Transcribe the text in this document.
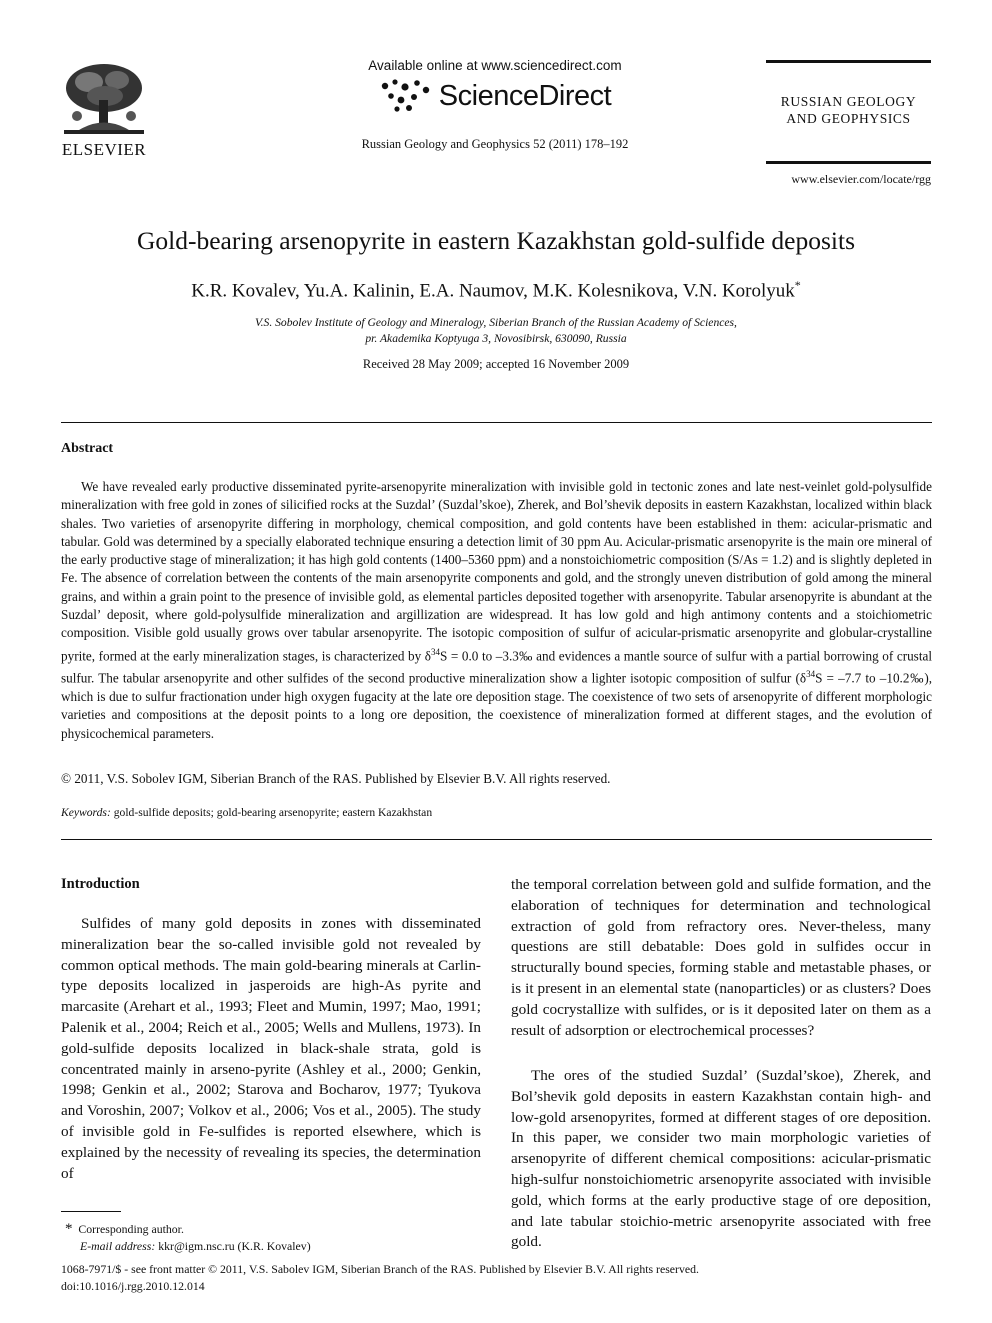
ELSEVIER
Available online at www.sciencedirect.com
ScienceDirect
Russian Geology and Geophysics 52 (2011) 178–192
RUSSIAN GEOLOGY
AND GEOPHYSICS
www.elsevier.com/locate/rgg
Gold-bearing arsenopyrite in eastern Kazakhstan gold-sulfide deposits
K.R. Kovalev, Yu.A. Kalinin, E.A. Naumov, M.K. Kolesnikova, V.N. Korolyuk*
V.S. Sobolev Institute of Geology and Mineralogy, Siberian Branch of the Russian Academy of Sciences,
pr. Akademika Koptyuga 3, Novosibirsk, 630090, Russia
Received 28 May 2009; accepted 16 November 2009
Abstract
We have revealed early productive disseminated pyrite-arsenopyrite mineralization with invisible gold in tectonic zones and late nest-veinlet gold-polysulfide mineralization with free gold in zones of silicified rocks at the Suzdal’ (Suzdal’skoe), Zherek, and Bol’shevik deposits in eastern Kazakhstan, localized within black shales. Two varieties of arsenopyrite differing in morphology, chemical composition, and gold contents have been established in them: acicular-prismatic and tabular. Gold was determined by a specially elaborated technique ensuring a detection limit of 30 ppm Au. Acicular-prismatic arsenopyrite is the main ore mineral of the early productive stage of mineralization; it has high gold contents (1400–5360 ppm) and a nonstoichiometric composition (S/As = 1.2) and is slightly depleted in Fe. The absence of correlation between the contents of the main arsenopyrite components and gold, and the strongly uneven distribution of gold among the mineral grains, and within a grain point to the presence of invisible gold, as elemental particles deposited together with arsenopyrite. Tabular arsenopyrite is abundant at the Suzdal’ deposit, where gold-polysulfide mineralization and argillization are widespread. It has low gold and high antimony contents and a stoichiometric composition. Visible gold usually grows over tabular arsenopyrite. The isotopic composition of sulfur of acicular-prismatic arsenopyrite and globular-crystalline pyrite, formed at the early mineralization stages, is characterized by $\delta^{34}S = 0.0$ to –3.3‰ and evidences a mantle source of sulfur with a partial borrowing of crustal sulfur. The tabular arsenopyrite and other sulfides of the second productive mineralization show a lighter isotopic composition of sulfur ($\delta^{34}S = -7.7$ to –10.2‰), which is due to sulfur fractionation under high oxygen fugacity at the late ore deposition stage. The coexistence of two sets of arsenopyrite of different morphologic varieties and compositions at the deposit points to a long ore deposition, the coexistence of mineralization formed at different stages, and the evolution of physicochemical parameters.
© 2011, V.S. Sobolev IGM, Siberian Branch of the RAS. Published by Elsevier B.V. All rights reserved.
Keywords: gold-sulfide deposits; gold-bearing arsenopyrite; eastern Kazakhstan
Introduction
Sulfides of many gold deposits in zones with disseminated mineralization bear the so-called invisible gold not revealed by common optical methods. The main gold-bearing minerals at Carlin-type deposits localized in jasperoids are high-As pyrite and marcasite (Arehart et al., 1993; Fleet and Mumin, 1997; Mao, 1991; Palenik et al., 2004; Reich et al., 2005; Wells and Mullens, 1973). In gold-sulfide deposits localized in black-shale strata, gold is concentrated mainly in arseno-pyrite (Ashley et al., 2000; Genkin, 1998; Genkin et al., 2002; Starova and Bocharov, 1977; Tyukova and Voroshin, 2007; Volkov et al., 2006; Vos et al., 2005). The study of invisible gold in Fe-sulfides is reported elsewhere, which is explained by the necessity of revealing its species, the determination of
the temporal correlation between gold and sulfide formation, and the elaboration of techniques for determination and technological extraction of gold from refractory ores. Never-theless, many questions are still debatable: Does gold in sulfides occur in structurally bound species, forming stable and metastable phases, or is it present in an elemental state (nanoparticles) or as clusters? Does gold cocrystallize with sulfides, or is it deposited later on them as a result of adsorption or electrochemical processes?
The ores of the studied Suzdal’ (Suzdal’skoe), Zherek, and Bol’shevik gold deposits in eastern Kazakhstan contain high- and low-gold arsenopyrites, formed at different stages of ore deposition. In this paper, we consider two main morphologic varieties of arsenopyrite of different chemical compositions: acicular-prismatic high-sulfur nonstoichiometric arsenopyrite associated with invisible gold, which forms at the early productive stage of ore deposition, and late tabular stoichio-metric arsenopyrite associated with free gold.
* Corresponding author.
E-mail address: kkr@igm.nsc.ru (K.R. Kovalev)
1068-7971/$ - see front matter © 2011, V.S. Sabolev IGM, Siberian Branch of the RAS. Published by Elsevier B.V. All rights reserved.
doi:10.1016/j.rgg.2010.12.014
